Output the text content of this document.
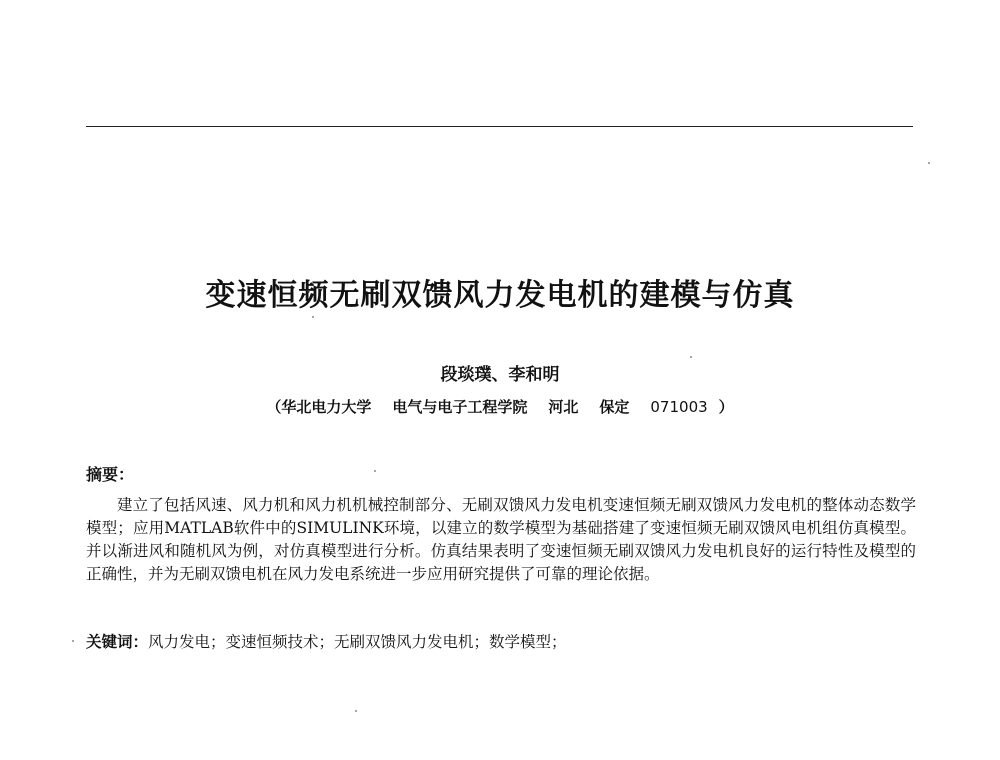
变速恒频无刷双馈风力发电机的建模与仿真
段琰璞、李和明
（华北电力大学 电气与电子工程学院 河北 保定 071003 ）
摘要：
建立了包括风速、风力机和风力机机械控制部分、无刷双馈风力发电机变速恒频无刷双馈风力发电机的整体动态数学模型；应用MATLAB软件中的SIMULINK环境，以建立的数学模型为基础搭建了变速恒频无刷双馈风电机组仿真模型。并以渐进风和随机风为例，对仿真模型进行分析。仿真结果表明了变速恒频无刷双馈风力发电机良好的运行特性及模型的正确性，并为无刷双馈电机在风力发电系统进一步应用研究提供了可靠的理论依据。
关键词：风力发电；变速恒频技术；无刷双馈风力发电机；数学模型；
